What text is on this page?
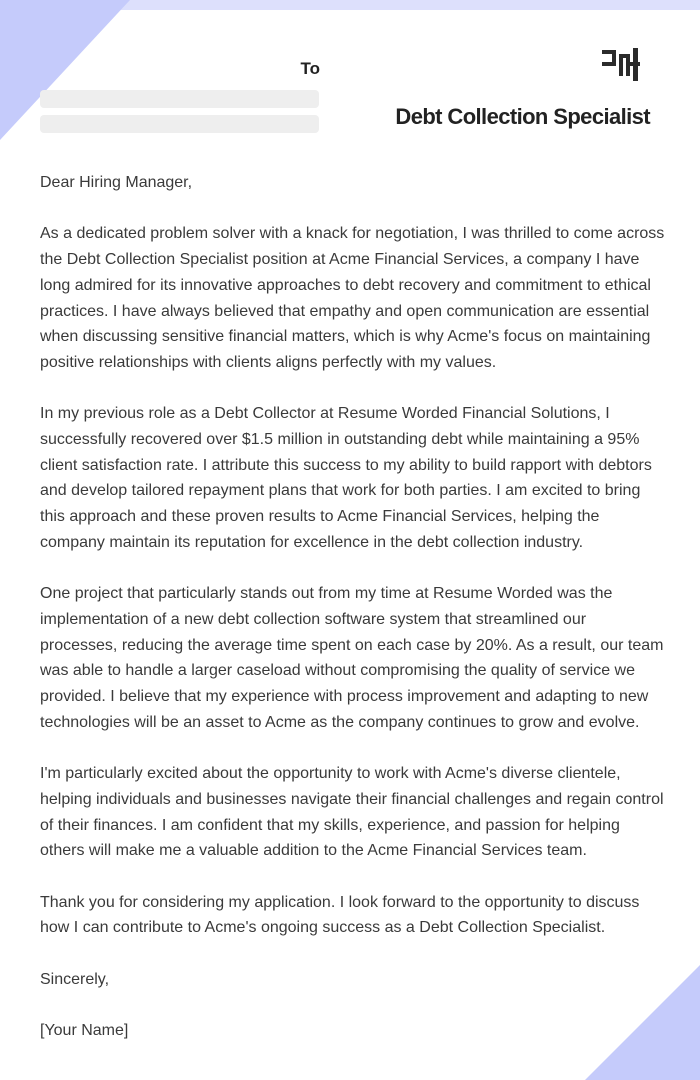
To
Debt Collection Specialist

Dear Hiring Manager,

As a dedicated problem solver with a knack for negotiation, I was thrilled to come across the Debt Collection Specialist position at Acme Financial Services, a company I have long admired for its innovative approaches to debt recovery and commitment to ethical practices. I have always believed that empathy and open communication are essential when discussing sensitive financial matters, which is why Acme's focus on maintaining positive relationships with clients aligns perfectly with my values.

In my previous role as a Debt Collector at Resume Worded Financial Solutions, I successfully recovered over $1.5 million in outstanding debt while maintaining a 95% client satisfaction rate. I attribute this success to my ability to build rapport with debtors and develop tailored repayment plans that work for both parties. I am excited to bring this approach and these proven results to Acme Financial Services, helping the company maintain its reputation for excellence in the debt collection industry.

One project that particularly stands out from my time at Resume Worded was the implementation of a new debt collection software system that streamlined our processes, reducing the average time spent on each case by 20%. As a result, our team was able to handle a larger caseload without compromising the quality of service we provided. I believe that my experience with process improvement and adapting to new technologies will be an asset to Acme as the company continues to grow and evolve.

I'm particularly excited about the opportunity to work with Acme's diverse clientele, helping individuals and businesses navigate their financial challenges and regain control of their finances. I am confident that my skills, experience, and passion for helping others will make me a valuable addition to the Acme Financial Services team.

Thank you for considering my application. I look forward to the opportunity to discuss how I can contribute to Acme's ongoing success as a Debt Collection Specialist.

Sincerely,

[Your Name]
